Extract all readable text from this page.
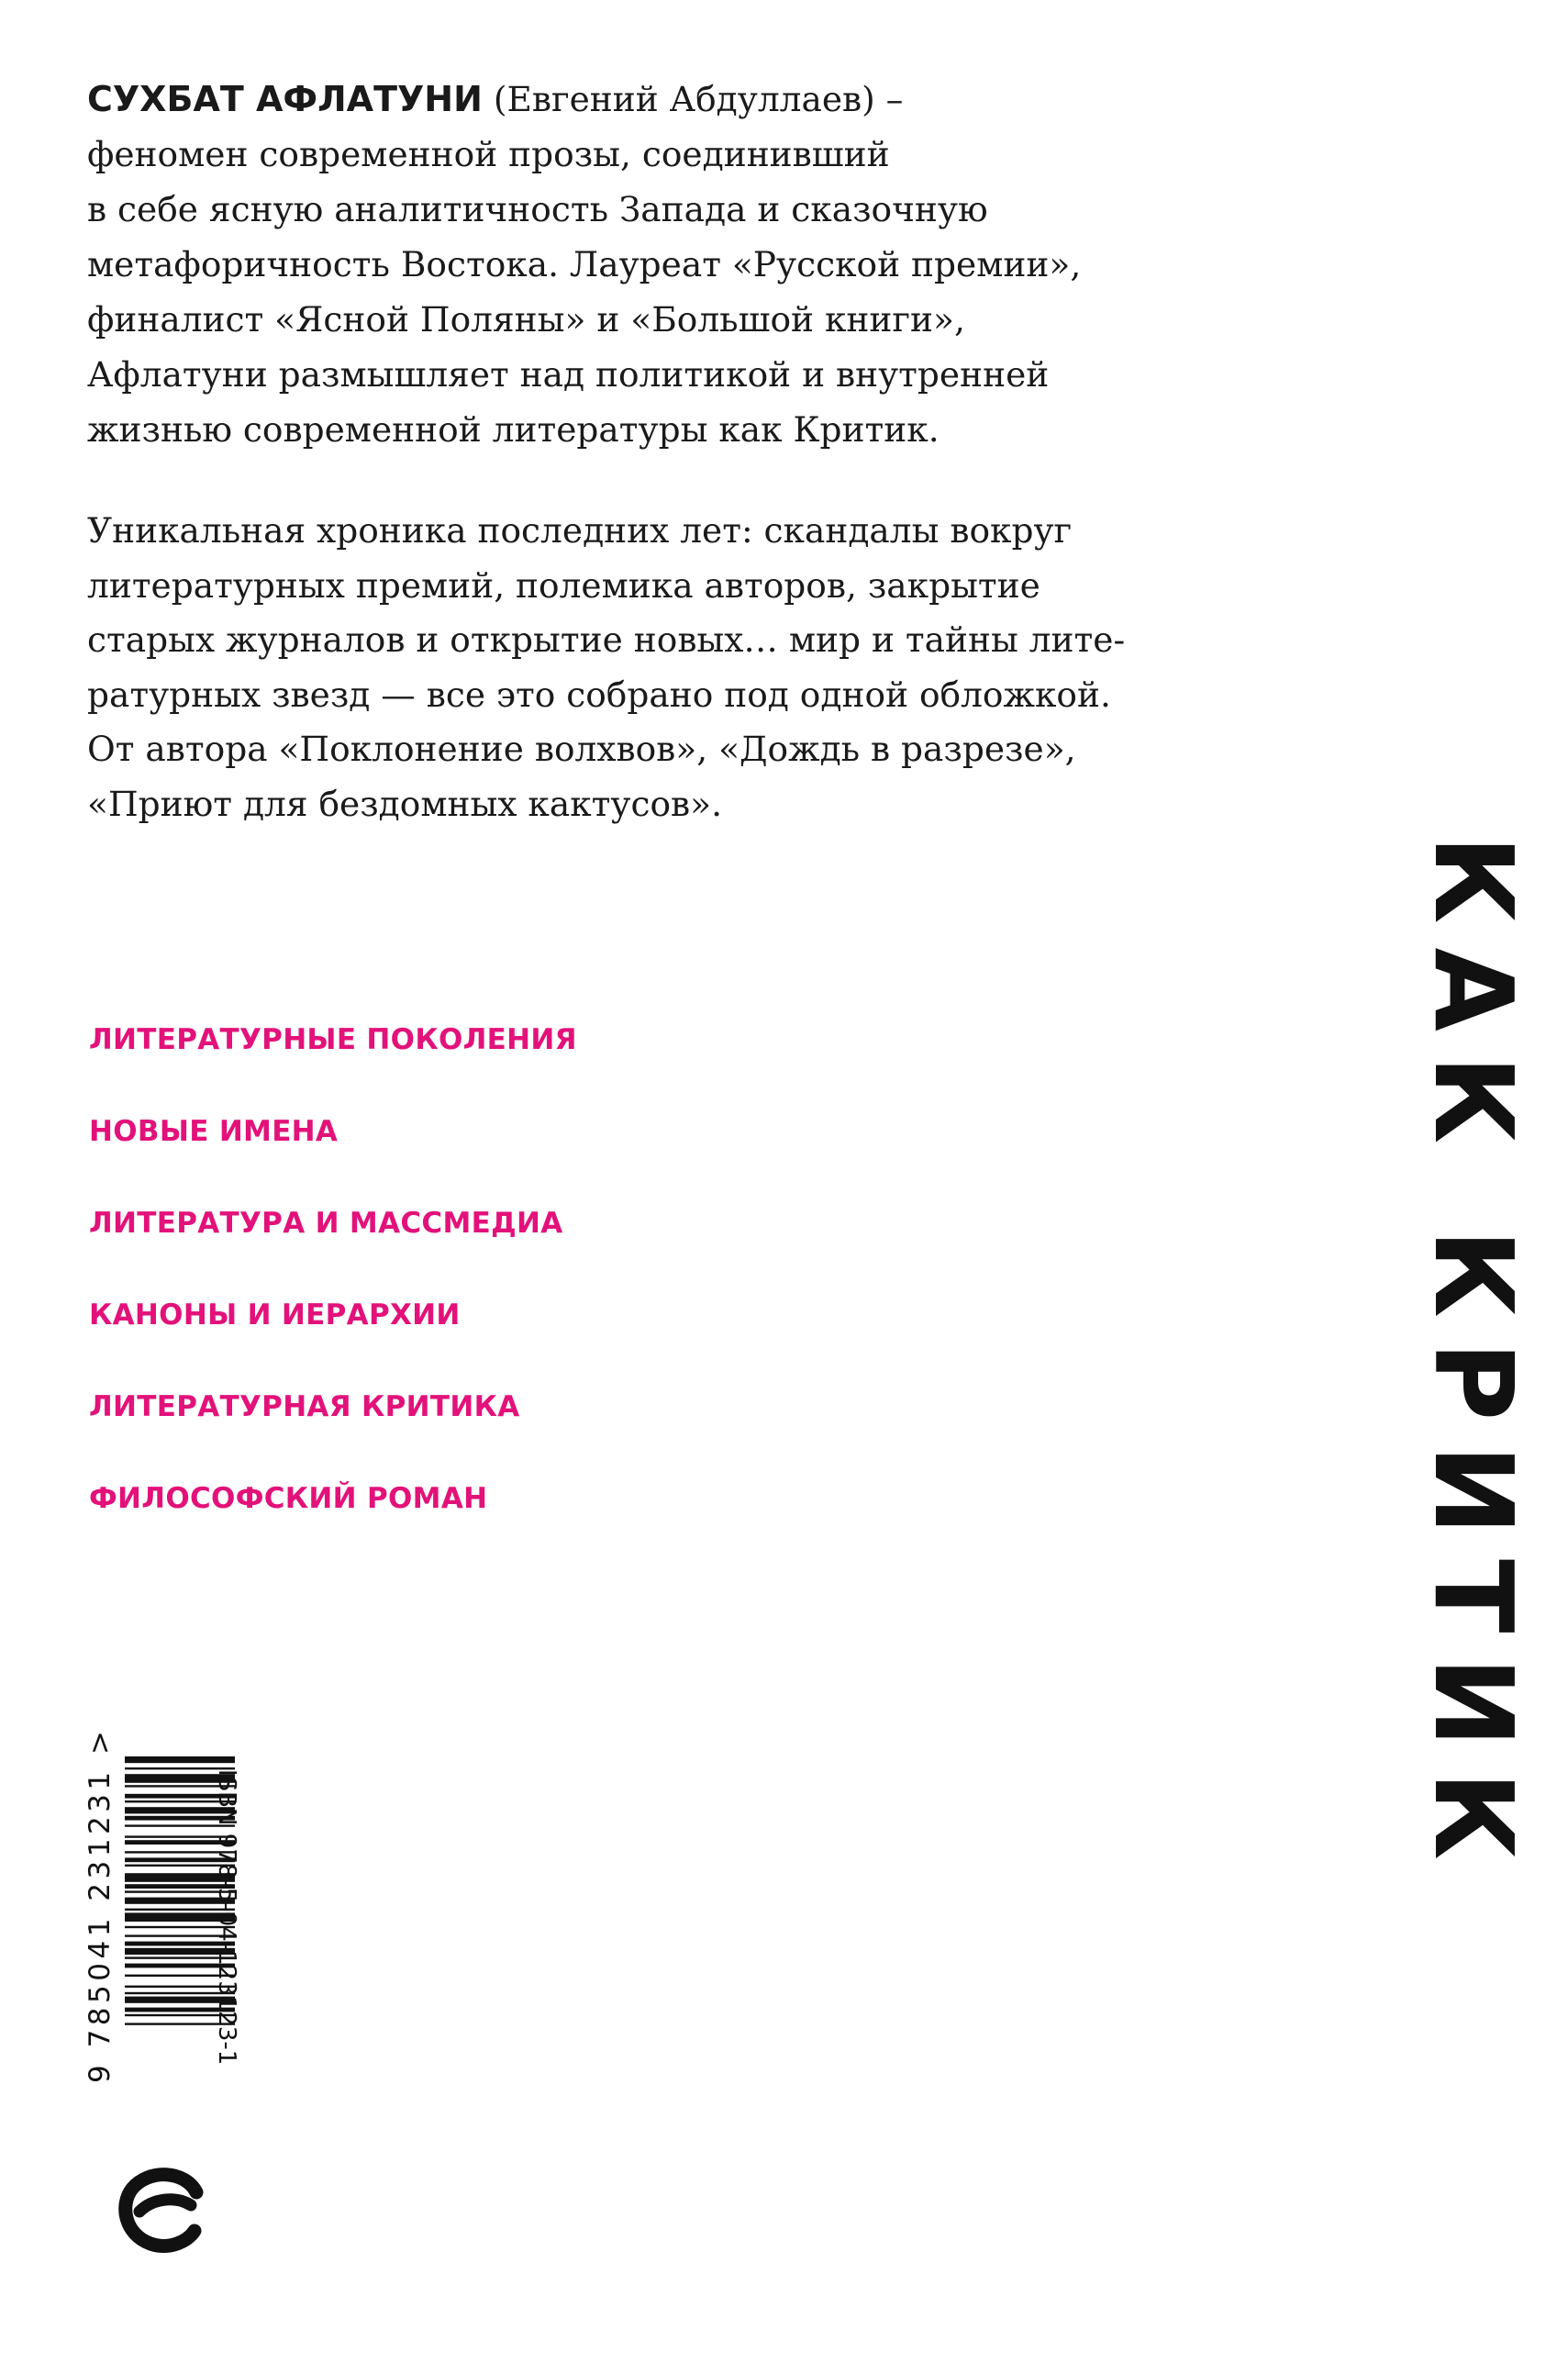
СУХБАТ АФЛАТУНИ (Евгений Абдуллаев) –
феномен современной прозы, соединивший
в себе ясную аналитичность Запада и сказочную
метафоричность Востока. Лауреат «Русской премии»,
финалист «Ясной Поляны» и «Большой книги»,
Афлатуни размышляет над политикой и внутренней
жизнью современной литературы как Критик.

Уникальная хроника последних лет: скандалы вокруг
литературных премий, полемика авторов, закрытие
старых журналов и открытие новых… мир и тайны лите-
ратурных звезд — все это собрано под одной обложкой.
От автора «Поклонение волхвов», «Дождь в разрезе»,
«Приют для бездомных кактусов».

ЛИТЕРАТУРНЫЕ ПОКОЛЕНИЯ
НОВЫЕ ИМЕНА
ЛИТЕРАТУРА И МАССМЕДИА
КАНОНЫ И ИЕРАРХИИ
ЛИТЕРАТУРНАЯ КРИТИКА
ФИЛОСОФСКИЙ РОМАН
9 785041 231231 >	ISBN 978-5-04-123123-1
КАК КРИТИК
